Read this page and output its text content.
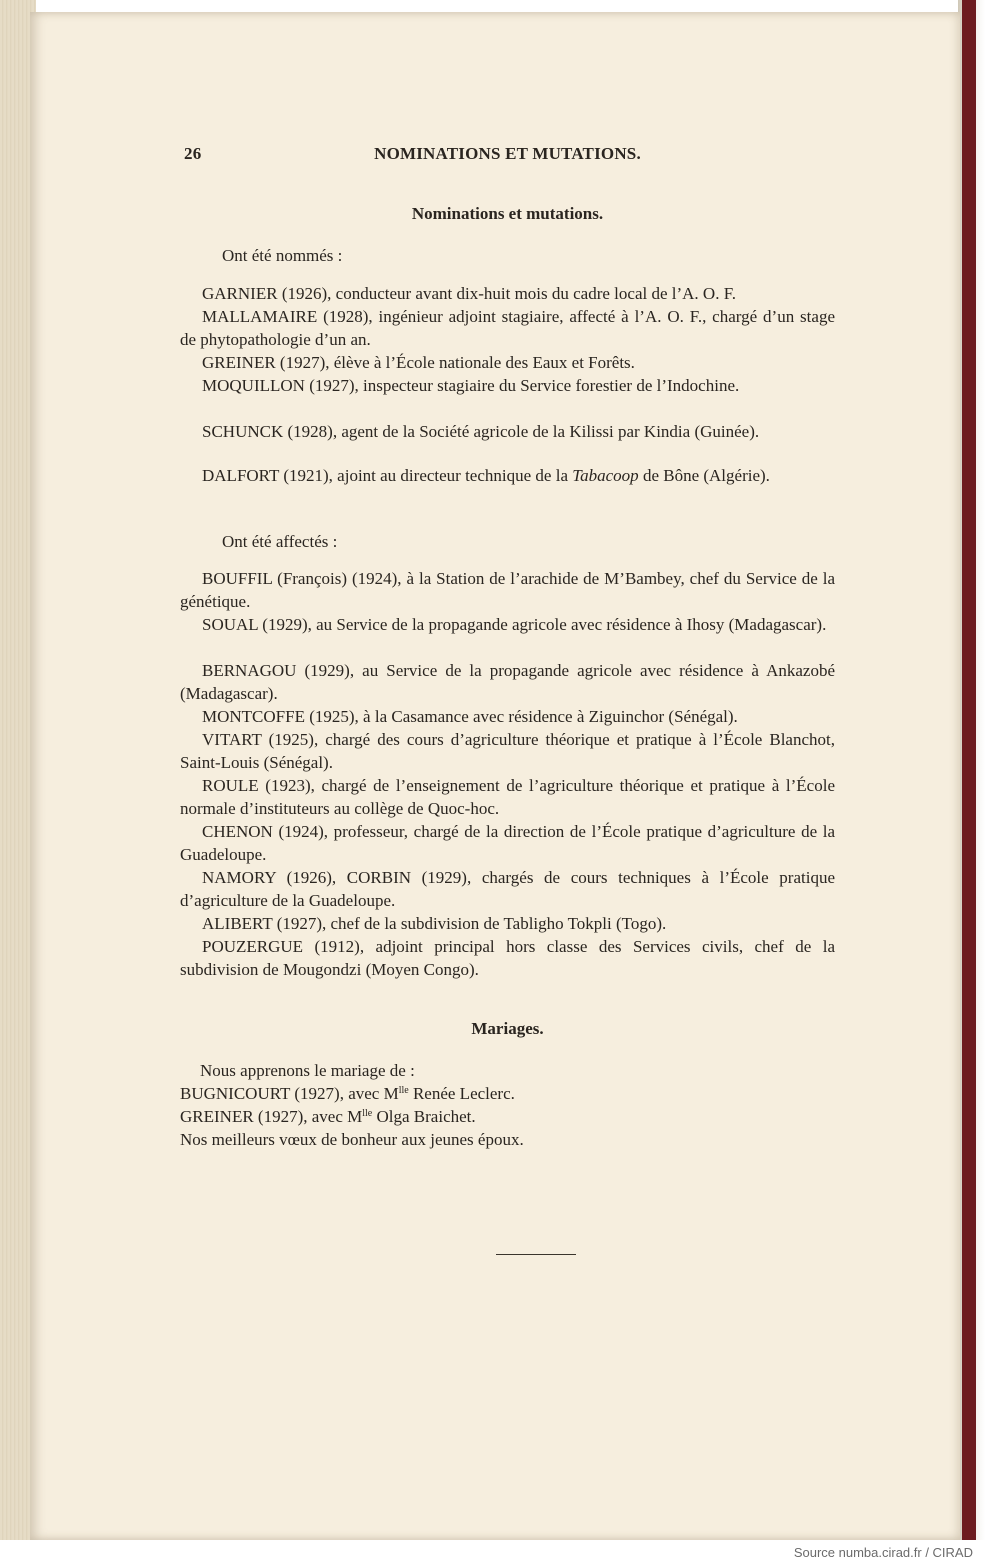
26	NOMINATIONS ET MUTATIONS.
Nominations et mutations.
Ont été nommés :
GARNIER (1926), conducteur avant dix-huit mois du cadre local de l’A. O. F.
MALLAMAIRE (1928), ingénieur adjoint stagiaire, affecté à l’A. O. F., chargé d’un stage de phytopathologie d’un an.
GREINER (1927), élève à l’École nationale des Eaux et Forêts.
MOQUILLON (1927), inspecteur stagiaire du Service forestier de l’Indochine.
SCHUNCK (1928), agent de la Société agricole de la Kilissi par Kindia (Guinée).
DALFORT (1921), ajoint au directeur technique de la Tabacoop de Bône (Algérie).
Ont été affectés :
BOUFFIL (François) (1924), à la Station de l’arachide de M’Bambey, chef du Service de la génétique.
SOUAL (1929), au Service de la propagande agricole avec résidence à Ihosy (Madagascar).
BERNAGOU (1929), au Service de la propagande agricole avec résidence à Ankazobé (Madagascar).
MONTCOFFE (1925), à la Casamance avec résidence à Ziguinchor (Sénégal).
VITART (1925), chargé des cours d’agriculture théorique et pratique à l’École Blanchot, Saint-Louis (Sénégal).
ROULE (1923), chargé de l’enseignement de l’agriculture théorique et pratique à l’École normale d’instituteurs au collège de Quoc-hoc.
CHENON (1924), professeur, chargé de la direction de l’École pratique d’agriculture de la Guadeloupe.
NAMORY (1926), CORBIN (1929), chargés de cours techniques à l’École pratique d’agriculture de la Guadeloupe.
ALIBERT (1927), chef de la subdivision de Tabligho Tokpli (Togo).
POUZERGUE (1912), adjoint principal hors classe des Services civils, chef de la subdivision de Mougondzi (Moyen Congo).
Mariages.
Nous apprenons le mariage de :
BUGNICOURT (1927), avec $M^{lle}$ Renée Leclerc.
GREINER (1927), avec $M^{lle}$ Olga Braichet.
Nos meilleurs vœux de bonheur aux jeunes époux.
Source numba.cirad.fr / CIRAD
